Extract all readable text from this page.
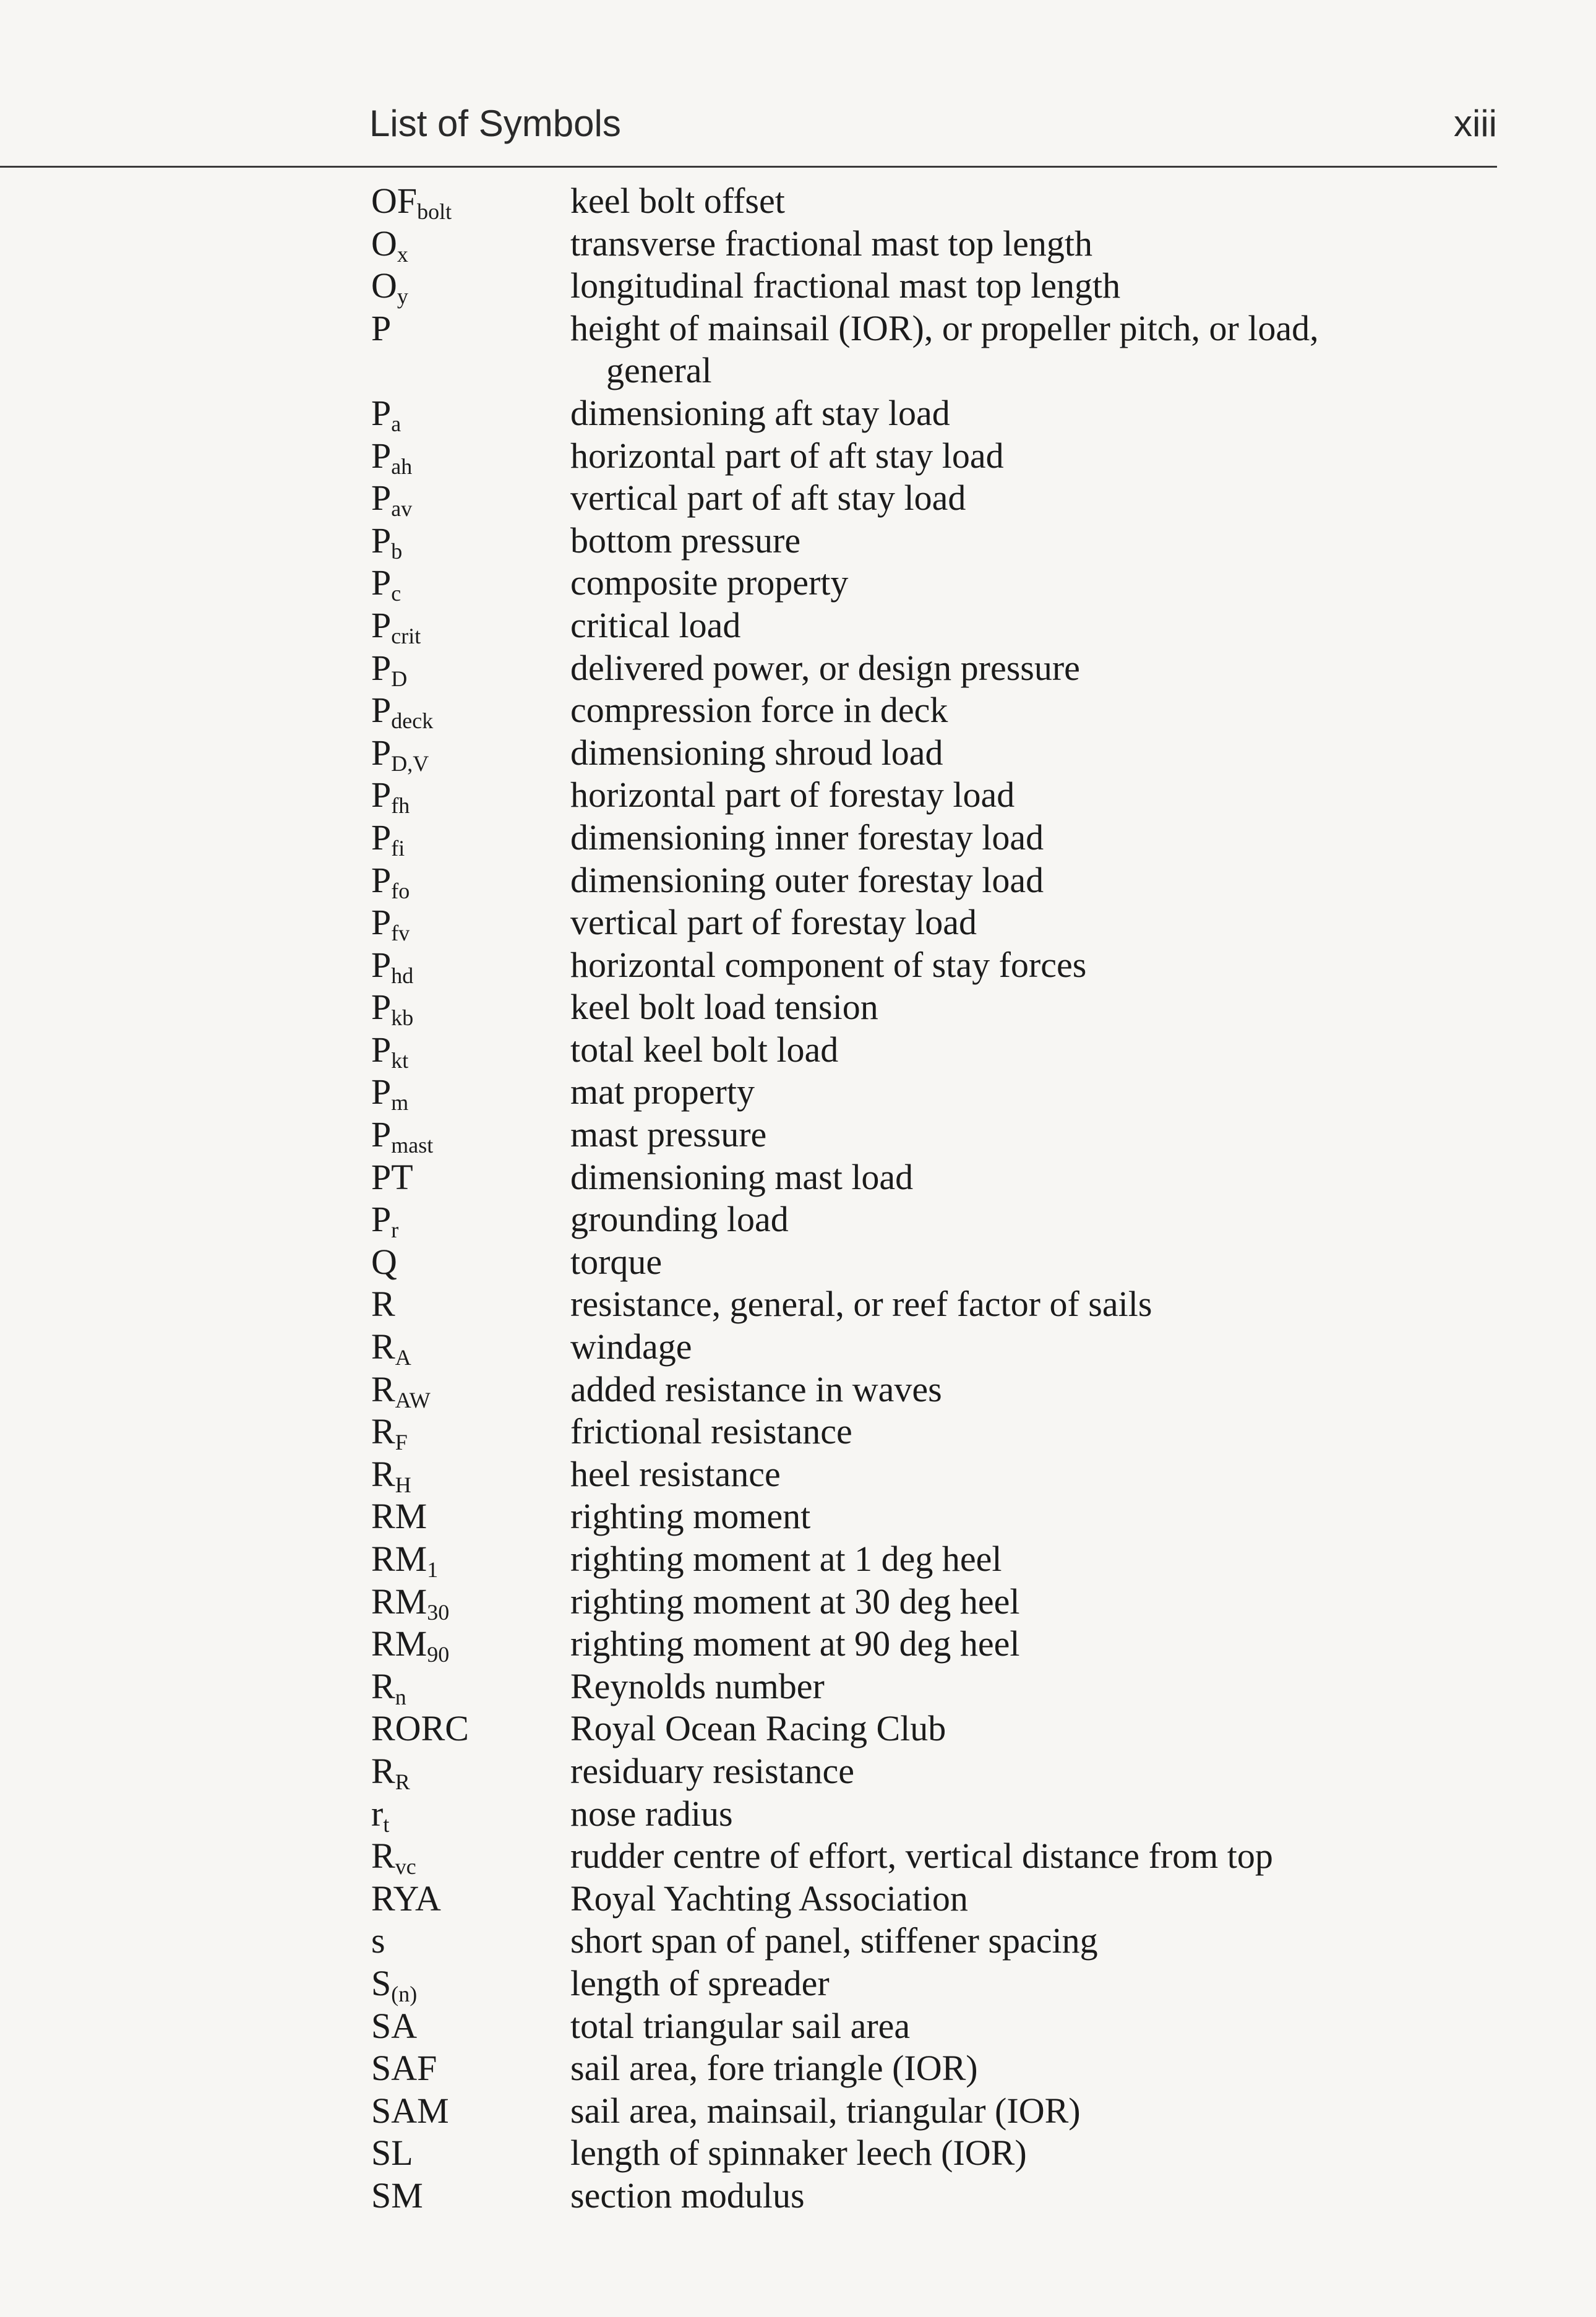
List of Symbols	xiii
$OF_{bolt}$	keel bolt offset
$O_x$	transverse fractional mast top length
$O_y$	longitudinal fractional mast top length
P	height of mainsail (IOR), or propeller pitch, or load,
general
$P_a$	dimensioning aft stay load
$P_{ah}$	horizontal part of aft stay load
$P_{av}$	vertical part of aft stay load
$P_b$	bottom pressure
$P_c$	composite property
$P_{crit}$	critical load
$P_D$	delivered power, or design pressure
$P_{deck}$	compression force in deck
$P_{D,V}$	dimensioning shroud load
$P_{fh}$	horizontal part of forestay load
$P_{fi}$	dimensioning inner forestay load
$P_{fo}$	dimensioning outer forestay load
$P_{fv}$	vertical part of forestay load
$P_{hd}$	horizontal component of stay forces
$P_{kb}$	keel bolt load tension
$P_{kt}$	total keel bolt load
$P_m$	mat property
$P_{mast}$	mast pressure
PT	dimensioning mast load
$P_r$	grounding load
Q	torque
R	resistance, general, or reef factor of sails
$R_A$	windage
$R_{AW}$	added resistance in waves
$R_F$	frictional resistance
$R_H$	heel resistance
RM	righting moment
$RM_1$	righting moment at 1 deg heel
$RM_{30}$	righting moment at 30 deg heel
$RM_{90}$	righting moment at 90 deg heel
$R_n$	Reynolds number
RORC	Royal Ocean Racing Club
$R_R$	residuary resistance
$r_t$	nose radius
$R_{vc}$	rudder centre of effort, vertical distance from top
RYA	Royal Yachting Association
s	short span of panel, stiffener spacing
$S_{(n)}$	length of spreader
SA	total triangular sail area
SAF	sail area, fore triangle (IOR)
SAM	sail area, mainsail, triangular (IOR)
SL	length of spinnaker leech (IOR)
SM	section modulus
